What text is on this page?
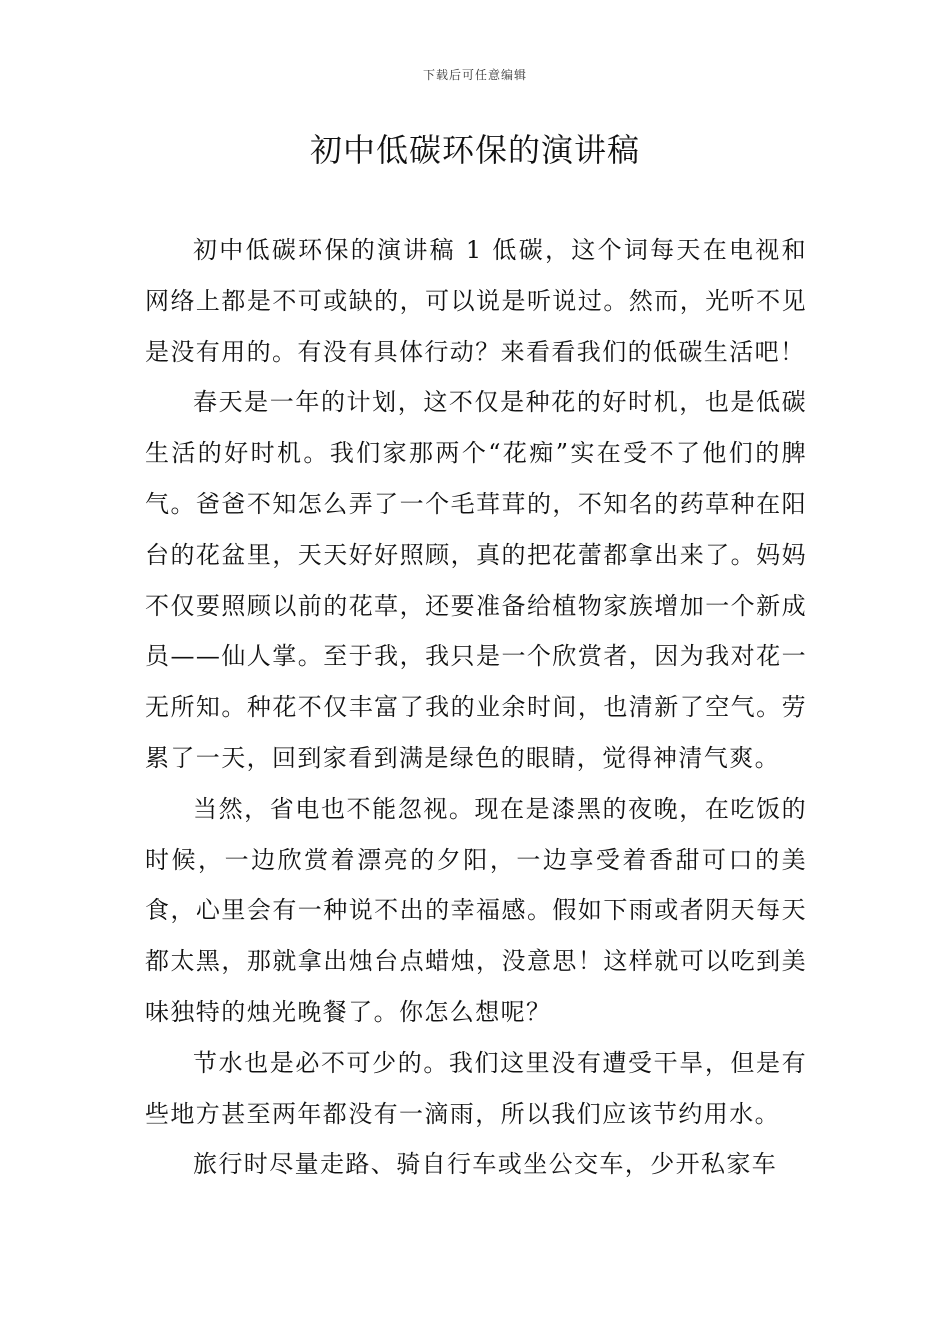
下载后可任意编辑
初中低碳环保的演讲稿

初中低碳环保的演讲稿 1 低碳，这个词每天在电视和网络上都是不可或缺的，可以说是听说过。然而，光听不见是没有用的。有没有具体行动？来看看我们的低碳生活吧！

春天是一年的计划，这不仅是种花的好时机，也是低碳生活的好时机。我们家那两个“花痴”实在受不了他们的脾气。爸爸不知怎么弄了一个毛茸茸的，不知名的药草种在阳台的花盆里，天天好好照顾，真的把花蕾都拿出来了。妈妈不仅要照顾以前的花草，还要准备给植物家族增加一个新成员——仙人掌。至于我，我只是一个欣赏者，因为我对花一无所知。种花不仅丰富了我的业余时间，也清新了空气。劳累了一天，回到家看到满是绿色的眼睛，觉得神清气爽。

当然，省电也不能忽视。现在是漆黑的夜晚，在吃饭的时候，一边欣赏着漂亮的夕阳，一边享受着香甜可口的美食，心里会有一种说不出的幸福感。假如下雨或者阴天每天都太黑，那就拿出烛台点蜡烛，没意思！这样就可以吃到美味独特的烛光晚餐了。你怎么想呢？

节水也是必不可少的。我们这里没有遭受干旱，但是有些地方甚至两年都没有一滴雨，所以我们应该节约用水。

旅行时尽量走路、骑自行车或坐公交车，少开私家车
